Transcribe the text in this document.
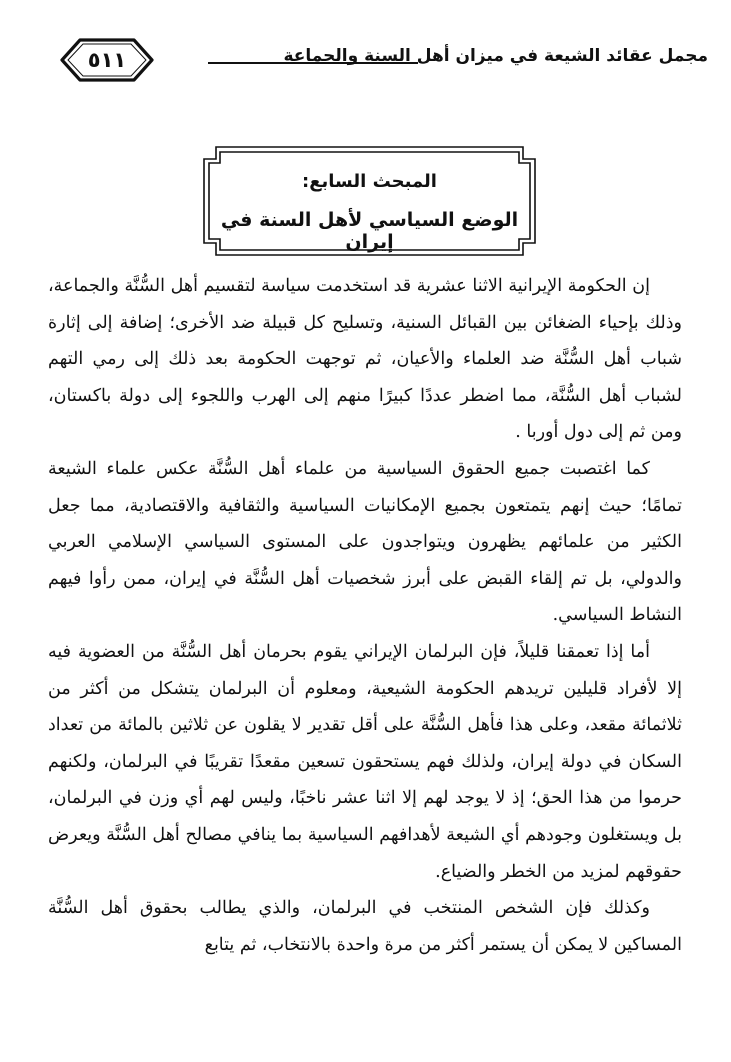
٥١١	مجمل عقائد الشيعة في ميزان أهل السنة والجماعة
المبحث السابع:
الوضع السياسي لأهل السنة في إيران

إن الحكومة الإيرانية الاثنا عشرية قد استخدمت سياسة لتقسيم أهل السُّنَّة والجماعة، وذلك بإحياء الضغائن بين القبائل السنية، وتسليح كل قبيلة ضد الأخرى؛ إضافة إلى إثارة شباب أهل السُّنَّة ضد العلماء والأعيان، ثم توجهت الحكومة بعد ذلك إلى رمي التهم لشباب أهل السُّنَّة، مما اضطر عددًا كبيرًا منهم إلى الهرب واللجوء إلى دولة باكستان، ومن ثم إلى دول أوربا .

كما اغتصبت جميع الحقوق السياسية من علماء أهل السُّنَّة عكس علماء الشيعة تمامًا؛ حيث إنهم يتمتعون بجميع الإمكانيات السياسية والثقافية والاقتصادية، مما جعل الكثير من علمائهم يظهرون ويتواجدون على المستوى السياسي الإسلامي العربي والدولي، بل تم إلقاء القبض على أبرز شخصيات أهل السُّنَّة في إيران، ممن رأوا فيهم النشاط السياسي.

أما إذا تعمقنا قليلاً، فإن البرلمان الإيراني يقوم بحرمان أهل السُّنَّة من العضوية فيه إلا لأفراد قليلين تريدهم الحكومة الشيعية، ومعلوم أن البرلمان يتشكل من أكثر من ثلاثمائة مقعد، وعلى هذا فأهل السُّنَّة على أقل تقدير لا يقلون عن ثلاثين بالمائة من تعداد السكان في دولة إيران، ولذلك فهم يستحقون تسعين مقعدًا تقريبًا في البرلمان، ولكنهم حرموا من هذا الحق؛ إذ لا يوجد لهم إلا اثنا عشر ناخبًا، وليس لهم أي وزن في البرلمان، بل ويستغلون وجودهم أي الشيعة لأهدافهم السياسية بما ينافي مصالح أهل السُّنَّة ويعرض حقوقهم لمزيد من الخطر والضياع.

وكذلك فإن الشخص المنتخب في البرلمان، والذي يطالب بحقوق أهل السُّنَّة المساكين لا يمكن أن يستمر أكثر من مرة واحدة بالانتخاب، ثم يتابع
